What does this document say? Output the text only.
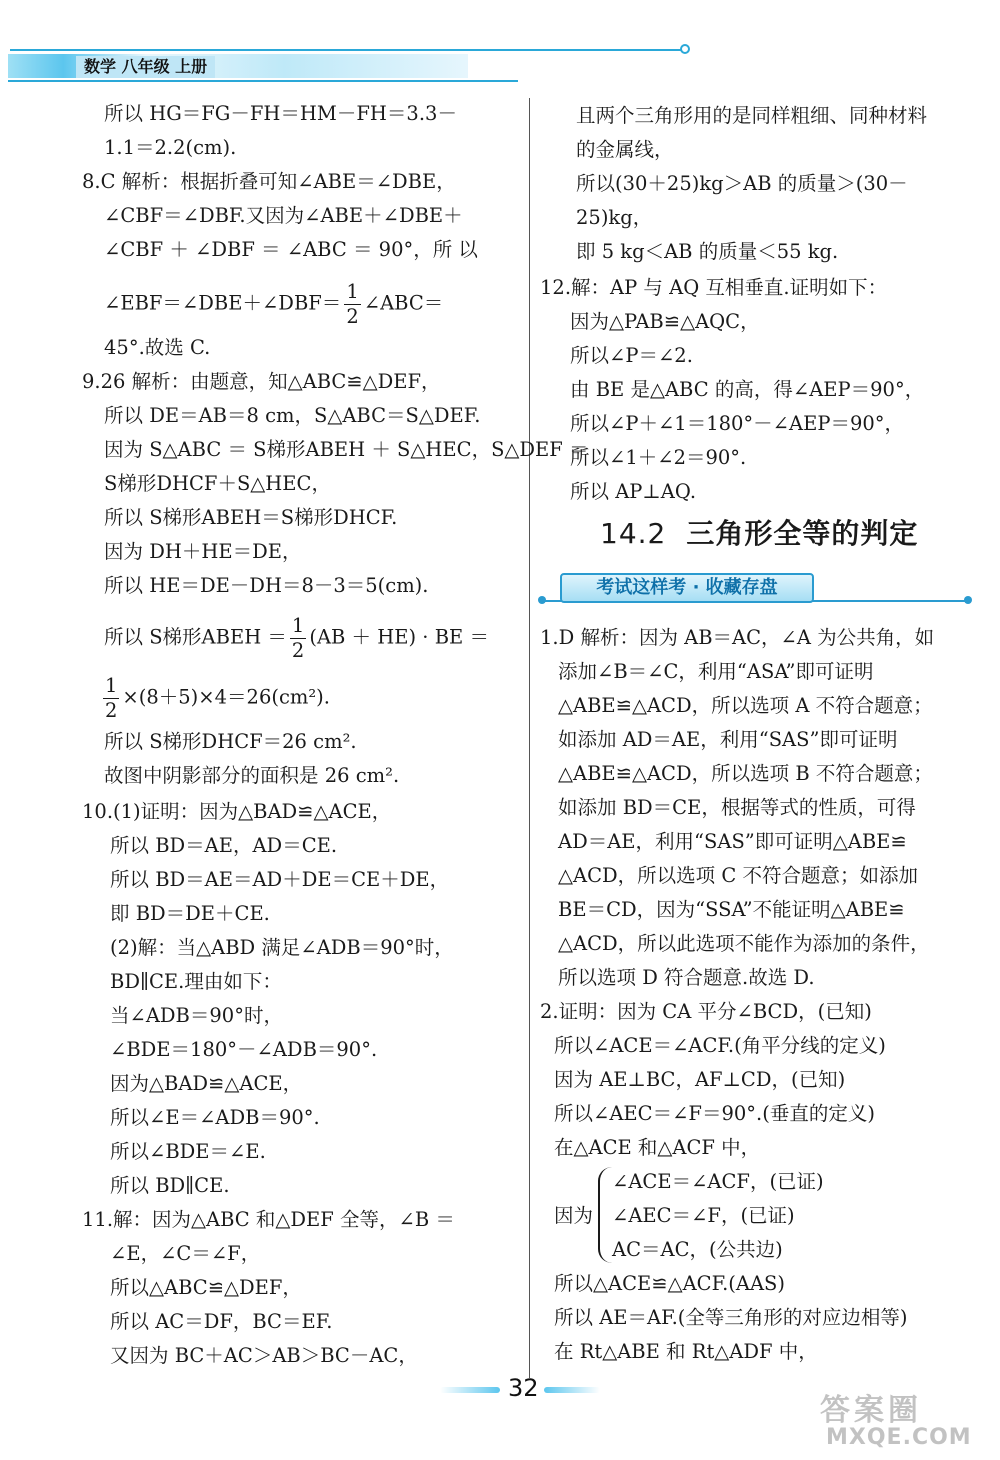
数学 八年级 上册
所以 HG＝FG－FH＝HM－FH＝3.3－
1.1＝2.2(cm).
8.C 解析：根据折叠可知∠ABE＝∠DBE，
∠CBF＝∠DBF.又因为∠ABE＋∠DBE＋
∠CBF ＋ ∠DBF ＝ ∠ABC ＝ 90°，所 以
∠EBF＝∠DBE＋∠DBF＝ $\frac{1}{2}$ ∠ABC＝
45°.故选 C.
9.26 解析：由题意，知△ABC≌△DEF，
所以 DE＝AB＝8 cm，S△ABC＝S△DEF.
因为 S△ABC ＝ S梯形ABEH ＋ S△HEC，S△DEF ＝
S梯形DHCF＋S△HEC，
所以 S梯形ABEH＝S梯形DHCF.
因为 DH＋HE＝DE，
所以 HE＝DE－DH＝8－3＝5(cm).
所以 S梯形ABEH ＝ $\frac{1}{2} (AB + HE)$ · BE ＝
$\frac{1}{2} \times(8+5)\times 4=26(cm^2)$.
所以 S梯形DHCF＝26 cm².
故图中阴影部分的面积是 26 cm².
10.(1)证明：因为△BAD≌△ACE，
所以 BD＝AE，AD＝CE.
所以 BD＝AE＝AD＋DE＝CE＋DE，
即 BD＝DE＋CE.
(2)解：当△ABD 满足∠ADB＝90°时，
BD∥CE.理由如下：
当∠ADB＝90°时，
∠BDE＝180°－∠ADB＝90°.
因为△BAD≌△ACE，
所以∠E＝∠ADB＝90°.
所以∠BDE＝∠E.
所以 BD∥CE.
11.解：因为△ABC 和△DEF 全等，∠B ＝
∠E，∠C＝∠F，
所以△ABC≌△DEF，
所以 AC＝DF，BC＝EF.
又因为 BC＋AC＞AB＞BC－AC，
且两个三角形用的是同样粗细、同种材料
的金属线，
所以(30＋25)kg＞AB 的质量＞(30－
25)kg，
即 5 kg＜AB 的质量＜55 kg.
12.解：AP 与 AQ 互相垂直.证明如下：
因为△PAB≌△AQC，
所以∠P＝∠2.
由 BE 是△ABC 的高，得∠AEP＝90°，
所以∠P＋∠1＝180°－∠AEP＝90°，
所以∠1＋∠2＝90°.
所以 AP⊥AQ.
14.2 三角形全等的判定
考试这样考 · 收藏存盘
1.D 解析：因为 AB＝AC，∠A 为公共角，如
添加∠B＝∠C，利用“ASA”即可证明
△ABE≌△ACD，所以选项 A 不符合题意；
如添加 AD＝AE，利用“SAS”即可证明
△ABE≌△ACD，所以选项 B 不符合题意；
如添加 BD＝CE，根据等式的性质，可得
AD＝AE，利用“SAS”即可证明△ABE≌
△ACD，所以选项 C 不符合题意；如添加
BE＝CD，因为“SSA”不能证明△ABE≌
△ACD，所以此选项不能作为添加的条件，
所以选项 D 符合题意.故选 D.
2.证明：因为 CA 平分∠BCD，(已知)
所以∠ACE＝∠ACF.(角平分线的定义)
因为 AE⊥BC，AF⊥CD，(已知)
所以∠AEC＝∠F＝90°.(垂直的定义)
在△ACE 和△ACF 中，
因为
∠ACE＝∠ACF，(已证)
∠AEC＝∠F，(已证)
AC＝AC，(公共边)
所以△ACE≌△ACF.(AAS)
所以 AE＝AF.(全等三角形的对应边相等)
在 Rt△ABE 和 Rt△ADF 中，
32
答案圈
MXQE.COM
